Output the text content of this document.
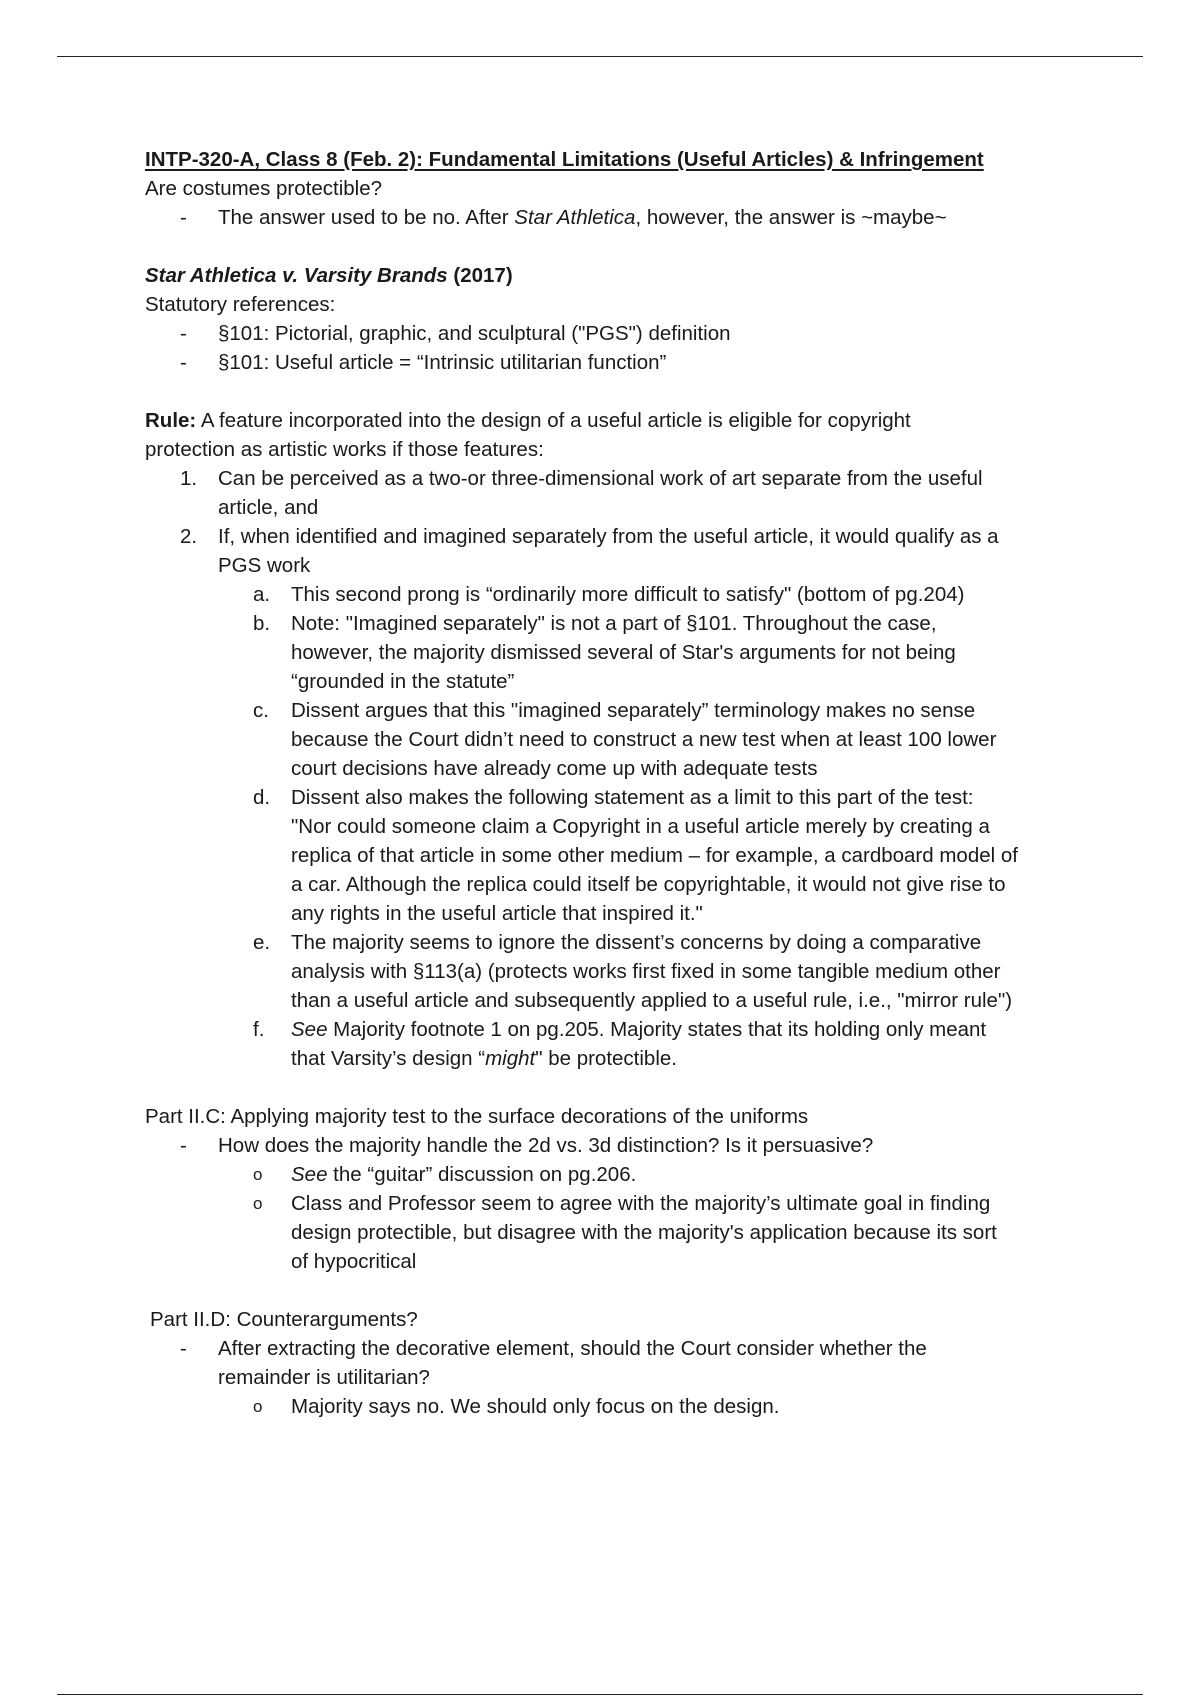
INTP-320-A, Class 8 (Feb. 2): Fundamental Limitations (Useful Articles) & Infringement
Are costumes protectible?
- The answer used to be no. After Star Athletica, however, the answer is ~maybe~
Star Athletica v. Varsity Brands (2017)
Statutory references:
- §101: Pictorial, graphic, and sculptural ("PGS") definition
- §101: Useful article = “Intrinsic utilitarian function”
Rule: A feature incorporated into the design of a useful article is eligible for copyright
protection as artistic works if those features:
1. Can be perceived as a two-or three-dimensional work of art separate from the useful
article, and
2. If, when identified and imagined separately from the useful article, it would qualify as a
PGS work
a. This second prong is “ordinarily more difficult to satisfy" (bottom of pg.204)
b. Note: "Imagined separately" is not a part of §101. Throughout the case,
however, the majority dismissed several of Star's arguments for not being
“grounded in the statute”
c. Dissent argues that this "imagined separately” terminology makes no sense
because the Court didn’t need to construct a new test when at least 100 lower
court decisions have already come up with adequate tests
d. Dissent also makes the following statement as a limit to this part of the test:
"Nor could someone claim a Copyright in a useful article merely by creating a
replica of that article in some other medium – for example, a cardboard model of
a car. Although the replica could itself be copyrightable, it would not give rise to
any rights in the useful article that inspired it."
e. The majority seems to ignore the dissent’s concerns by doing a comparative
analysis with §113(a) (protects works first fixed in some tangible medium other
than a useful article and subsequently applied to a useful rule, i.e., "mirror rule")
f. See Majority footnote 1 on pg.205. Majority states that its holding only meant
that Varsity’s design “might" be protectible.
Part II.C: Applying majority test to the surface decorations of the uniforms
- How does the majority handle the 2d vs. 3d distinction? Is it persuasive?
o See the “guitar” discussion on pg.206.
o Class and Professor seem to agree with the majority’s ultimate goal in finding
design protectible, but disagree with the majority's application because its sort
of hypocritical
Part II.D: Counterarguments?
- After extracting the decorative element, should the Court consider whether the
remainder is utilitarian?
o Majority says no. We should only focus on the design.
